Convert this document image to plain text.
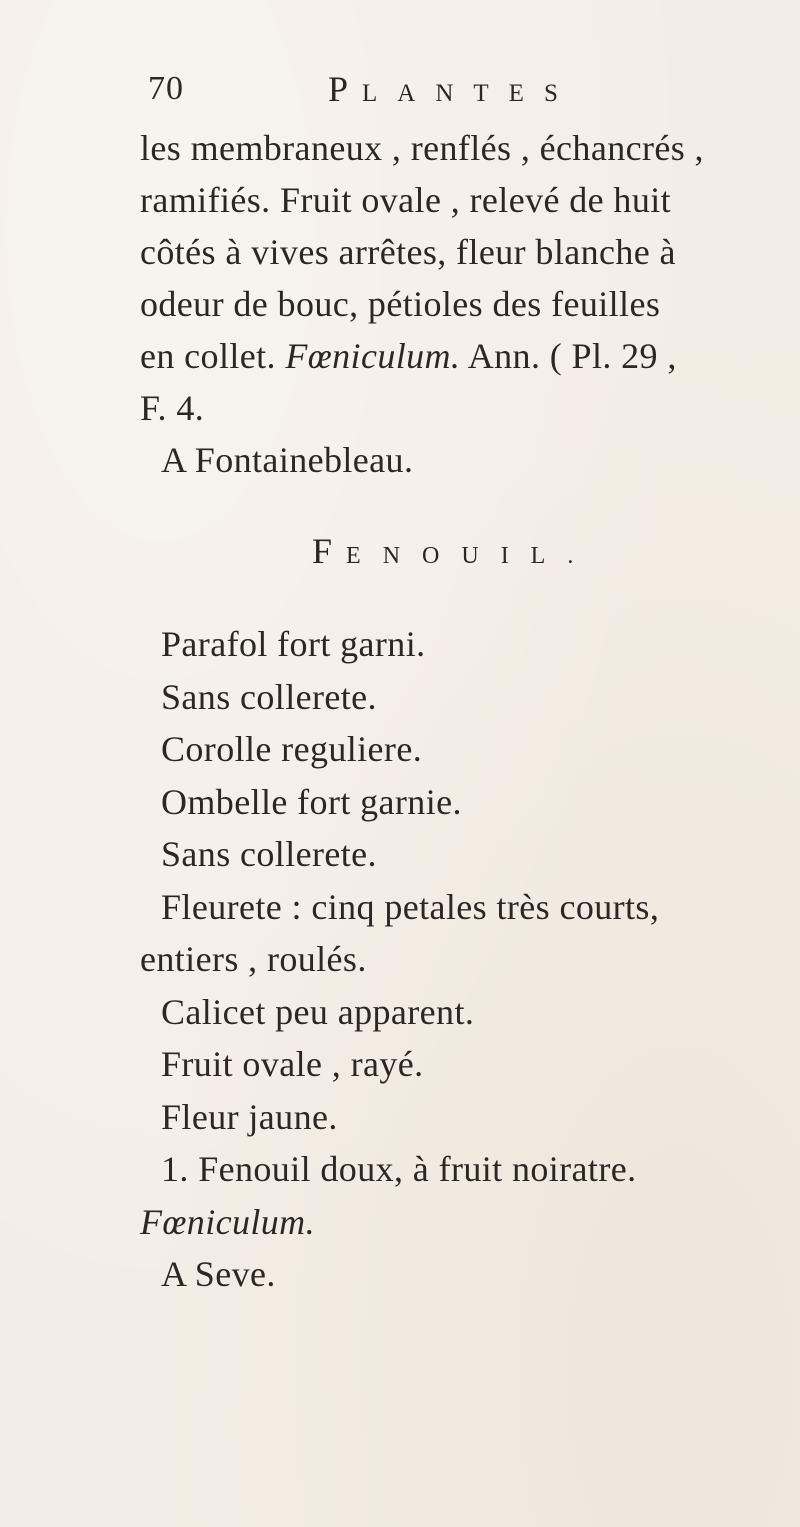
70	P LANTES
les membraneux , renflés , échancrés ,
ramifiés. Fruit ovale , relevé de huit
côtés à vives arrêtes, fleur blanche à
odeur de bouc, pétioles des feuilles
en collet. Fœniculum. Ann. ( Pl. 29 ,
F. 4.
A Fontainebleau.
FENOUIL.
Parafol fort garni.
Sans collerete.
Corolle reguliere.
Ombelle fort garnie.
Sans collerete.
Fleurete : cinq petales très courts,
entiers , roulés.
Calicet peu apparent.
Fruit ovale , rayé.
Fleur jaune.
1. Fenouil doux, à fruit noiratre.
Fœniculum.
A Seve.
